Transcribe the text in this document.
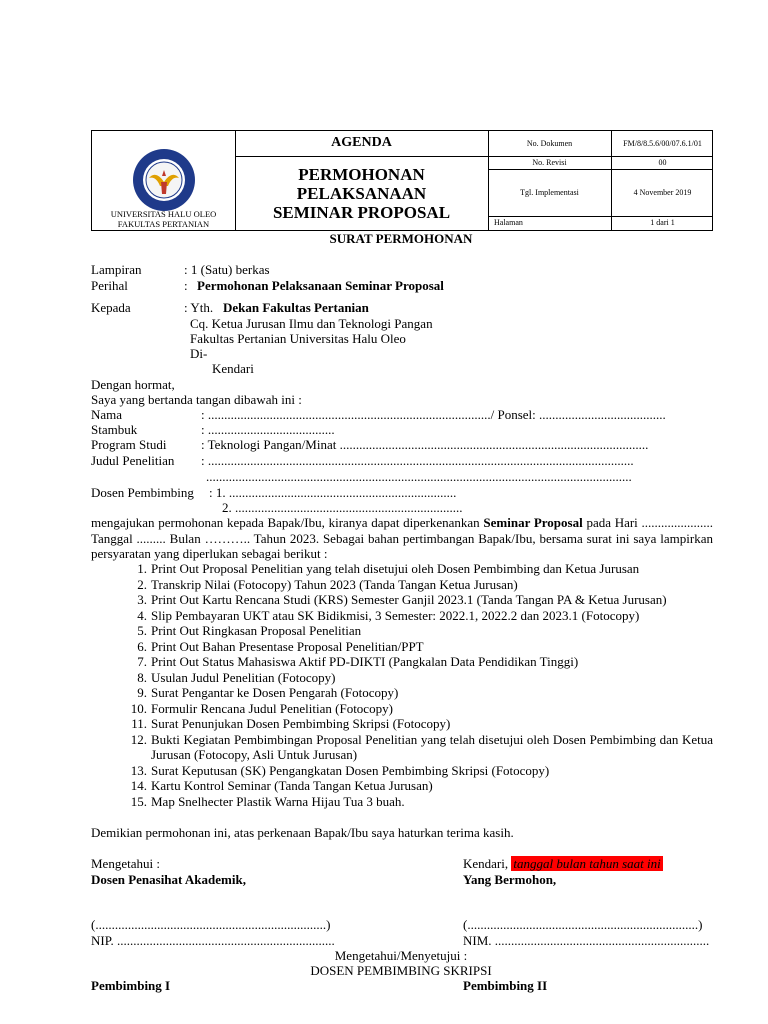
UNIVERSITAS HALU OLEO
FAKULTAS PERTANIAN
AGENDA
PERMOHONAN
PELAKSANAAN
SEMINAR PROPOSAL
No. Dokumen	FM/8/8.5.6/00/07.6.1/01
No. Revisi	00
Tgl. Implementasi	4 November 2019
Halaman	1 dari 1
SURAT PERMOHONAN
Lampiran	: 1 (Satu) berkas
Perihal	: Permohonan Pelaksanaan Seminar Proposal
Kepada	: Yth. Dekan Fakultas Pertanian
Cq. Ketua Jurusan Ilmu dan Teknologi Pangan
Fakultas Pertanian Universitas Halu Oleo
Di-
Kendari
Dengan hormat,
Saya yang bertanda tangan dibawah ini :
Nama	: ......................................................................................./ Ponsel: .......................................
Stambuk	: .......................................
Program Studi	: Teknologi Pangan/Minat ...............................................................................................
Judul Penelitian : ...................................................................................................................................
...................................................................................................................................
Dosen Pembimbing : 1. ......................................................................
2. ......................................................................
mengajukan permohonan kepada Bapak/Ibu, kiranya dapat diperkenankan Seminar Proposal pada Hari ...................... Tanggal ......... Bulan ……….. Tahun 2023. Sebagai bahan pertimbangan Bapak/Ibu, bersama surat ini saya lampirkan persyaratan yang diperlukan sebagai berikut :
1. Print Out Proposal Penelitian yang telah disetujui oleh Dosen Pembimbing dan Ketua Jurusan
2. Transkrip Nilai (Fotocopy) Tahun 2023 (Tanda Tangan Ketua Jurusan)
3. Print Out Kartu Rencana Studi (KRS) Semester Ganjil 2023.1 (Tanda Tangan PA & Ketua Jurusan)
4. Slip Pembayaran UKT atau SK Bidikmisi, 3 Semester: 2022.1, 2022.2 dan 2023.1 (Fotocopy)
5. Print Out Ringkasan Proposal Penelitian
6. Print Out Bahan Presentase Proposal Penelitian/PPT
7. Print Out Status Mahasiswa Aktif PD-DIKTI (Pangkalan Data Pendidikan Tinggi)
8. Usulan Judul Penelitian (Fotocopy)
9. Surat Pengantar ke Dosen Pengarah (Fotocopy)
10. Formulir Rencana Judul Penelitian (Fotocopy)
11. Surat Penunjukan Dosen Pembimbing Skripsi (Fotocopy)
12. Bukti Kegiatan Pembimbingan Proposal Penelitian yang telah disetujui oleh Dosen Pembimbing dan Ketua Jurusan (Fotocopy, Asli Untuk Jurusan)
13. Surat Keputusan (SK) Pengangkatan Dosen Pembimbing Skripsi (Fotocopy)
14. Kartu Kontrol Seminar (Tanda Tangan Ketua Jurusan)
15. Map Snelhecter Plastik Warna Hijau Tua 3 buah.
Demikian permohonan ini, atas perkenaan Bapak/Ibu saya haturkan terima kasih.
Mengetahui :
Dosen Penasihat Akademik,
Kendari, tanggal bulan tahun saat ini
Yang Bermohon,
(.......................................................................)
NIP. ...................................................................
(.......................................................................)
NIM. ..................................................................
Mengetahui/Menyetujui :
DOSEN PEMBIMBING SKRIPSI
Pembimbing I	Pembimbing II
